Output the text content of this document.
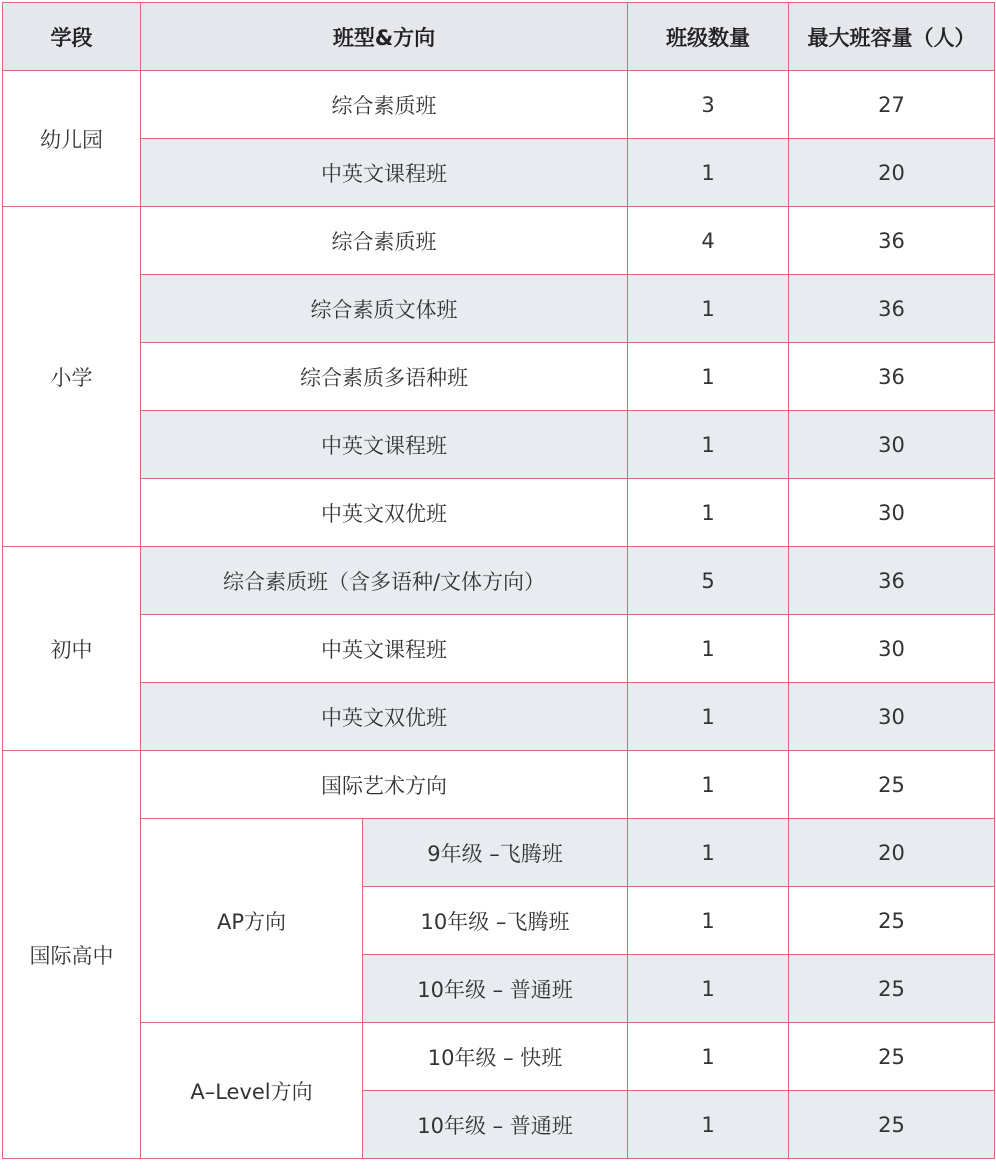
学段	班型&方向		班级数量	最大班容量（人）
幼儿园	综合素质班		3	27
	中英文课程班		1	20
小学	综合素质班		4	36
	综合素质文体班		1	36
	综合素质多语种班		1	36
	中英文课程班		1	30
	中英文双优班		1	30
初中	综合素质班（含多语种/文体方向）		5	36
	中英文课程班		1	30
	中英文双优班		1	30
国际高中	国际艺术方向		1	25
	AP方向	9年级 –飞腾班	1	20
		10年级 –飞腾班	1	25
		10年级 – 普通班	1	25
	A–Level方向	10年级 – 快班	1	25
		10年级 – 普通班	1	25
